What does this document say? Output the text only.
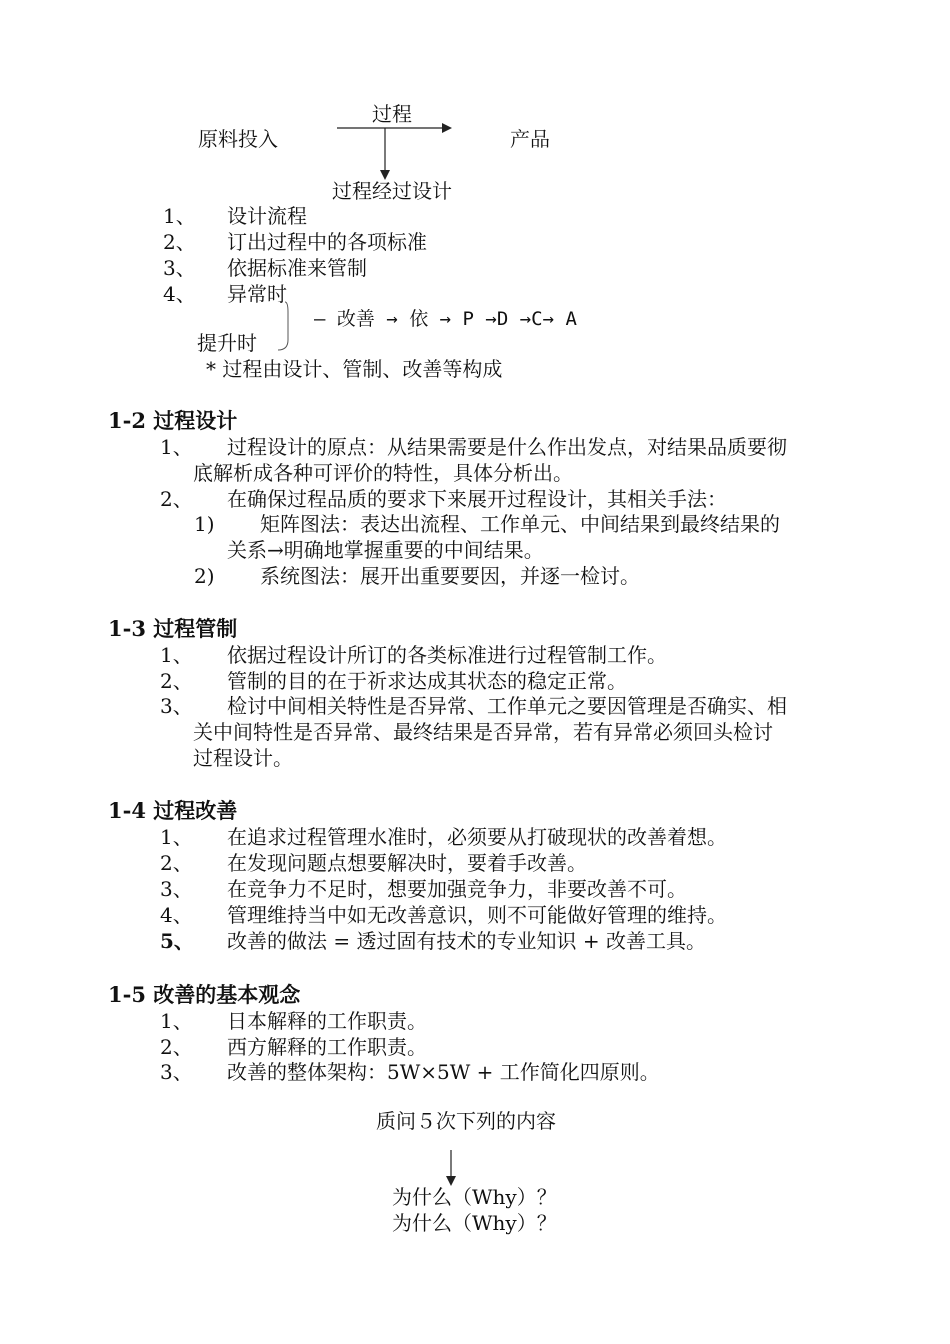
过程
原料投入	产品
过程经过设计
1、	设计流程
2、	订出过程中的各项标准
3、	依据标准来管制
4、	异常时
— 改善 → 依 → P →D →C→ A
提升时
* 过程由设计、管制、改善等构成
1-2 过程设计
1、	过程设计的原点：从结果需要是什么作出发点，对结果品质要彻
底解析成各种可评价的特性，具体分析出。
2、	在确保过程品质的要求下来展开过程设计，其相关手法：
1)	矩阵图法：表达出流程、工作单元、中间结果到最终结果的
关系→明确地掌握重要的中间结果。
2)	系统图法：展开出重要要因，并逐一检讨。
1-3 过程管制
1、	依据过程设计所订的各类标准进行过程管制工作。
2、	管制的目的在于祈求达成其状态的稳定正常。
3、	检讨中间相关特性是否异常、工作单元之要因管理是否确实、相
关中间特性是否异常、最终结果是否异常，若有异常必须回头检讨
过程设计。
1-4 过程改善
1、	在追求过程管理水准时，必须要从打破现状的改善着想。
2、	在发现问题点想要解决时，要着手改善。
3、	在竞争力不足时，想要加强竞争力，非要改善不可。
4、	管理维持当中如无改善意识，则不可能做好管理的维持。
5、	改善的做法 = 透过固有技术的专业知识 + 改善工具。
1-5 改善的基本观念
1、	日本解释的工作职责。
2、	西方解释的工作职责。
3、	改善的整体架构：5W×5W + 工作简化四原则。
质问５次下列的内容
为什么（Why）？
为什么（Why）？
